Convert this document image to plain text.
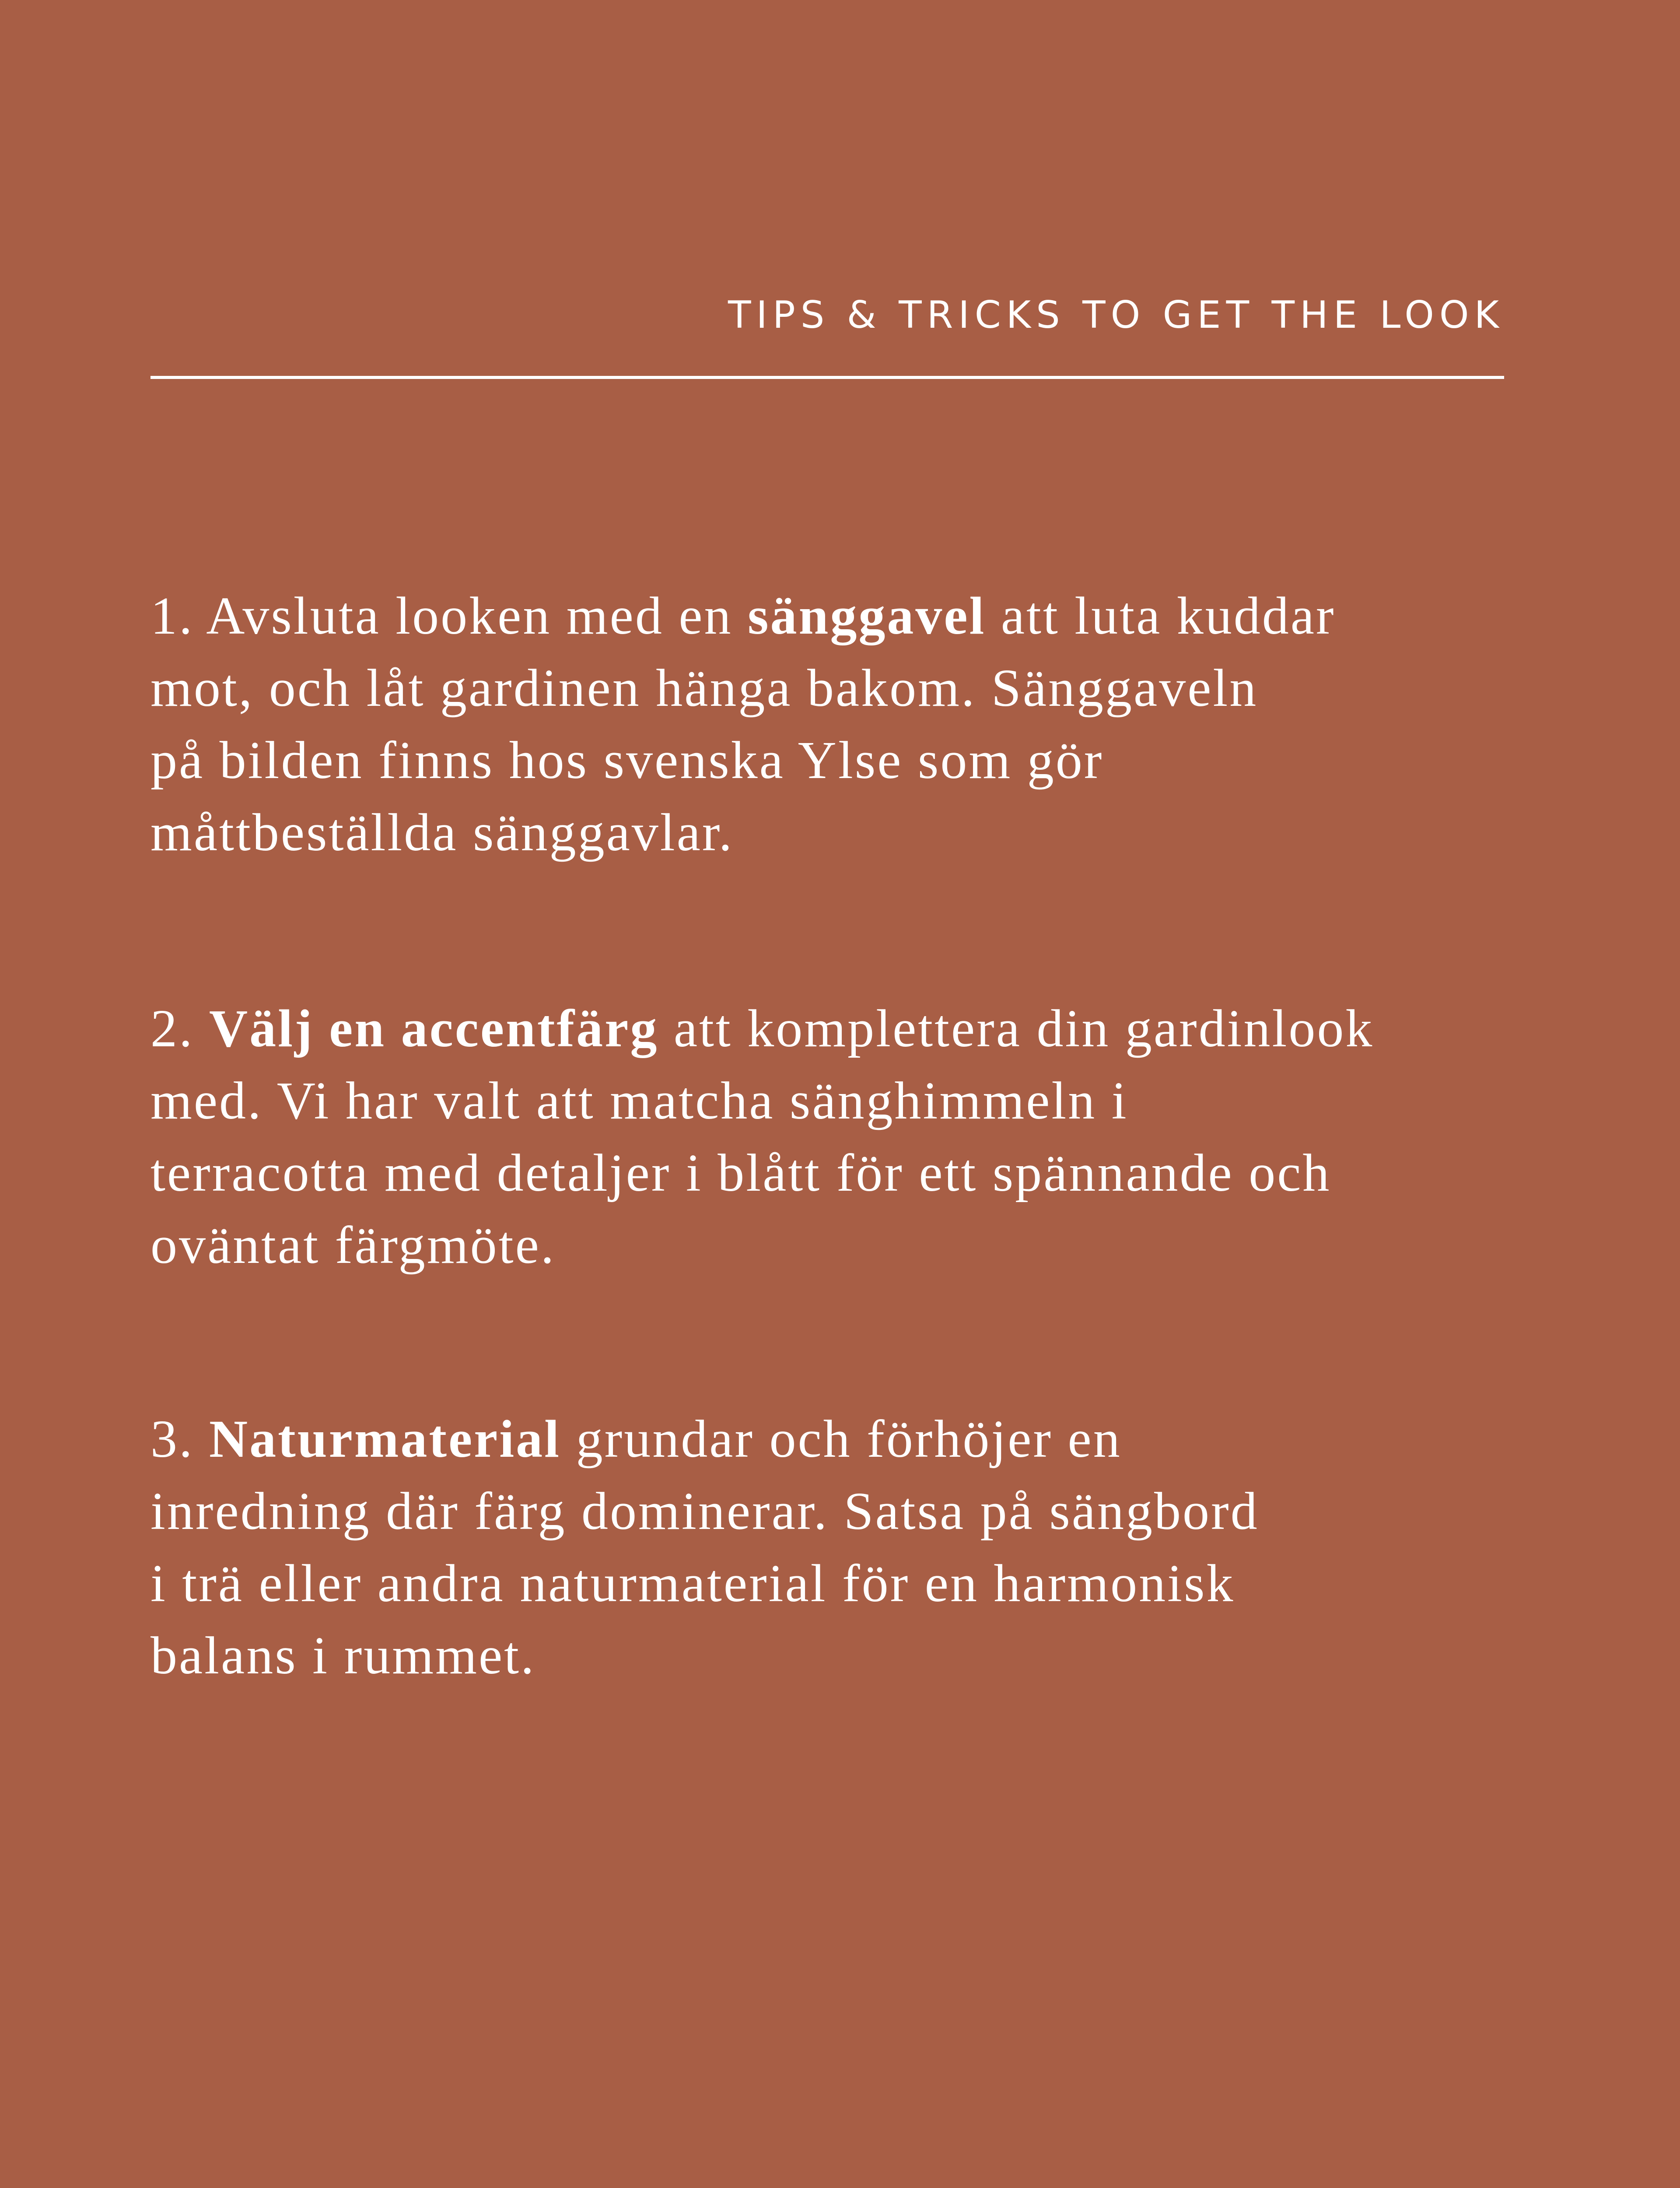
TIPS & TRICKS TO GET THE LOOK
1. Avsluta looken med en sänggavel att luta kuddar
mot, och låt gardinen hänga bakom. Sänggaveln
på bilden finns hos svenska Ylse som gör
måttbeställda sänggavlar.
2. Välj en accentfärg att komplettera din gardinlook
med. Vi har valt att matcha sänghimmeln i
terracotta med detaljer i blått för ett spännande och
oväntat färgmöte.
3. Naturmaterial grundar och förhöjer en
inredning där färg dominerar. Satsa på sängbord
i trä eller andra naturmaterial för en harmonisk
balans i rummet.
